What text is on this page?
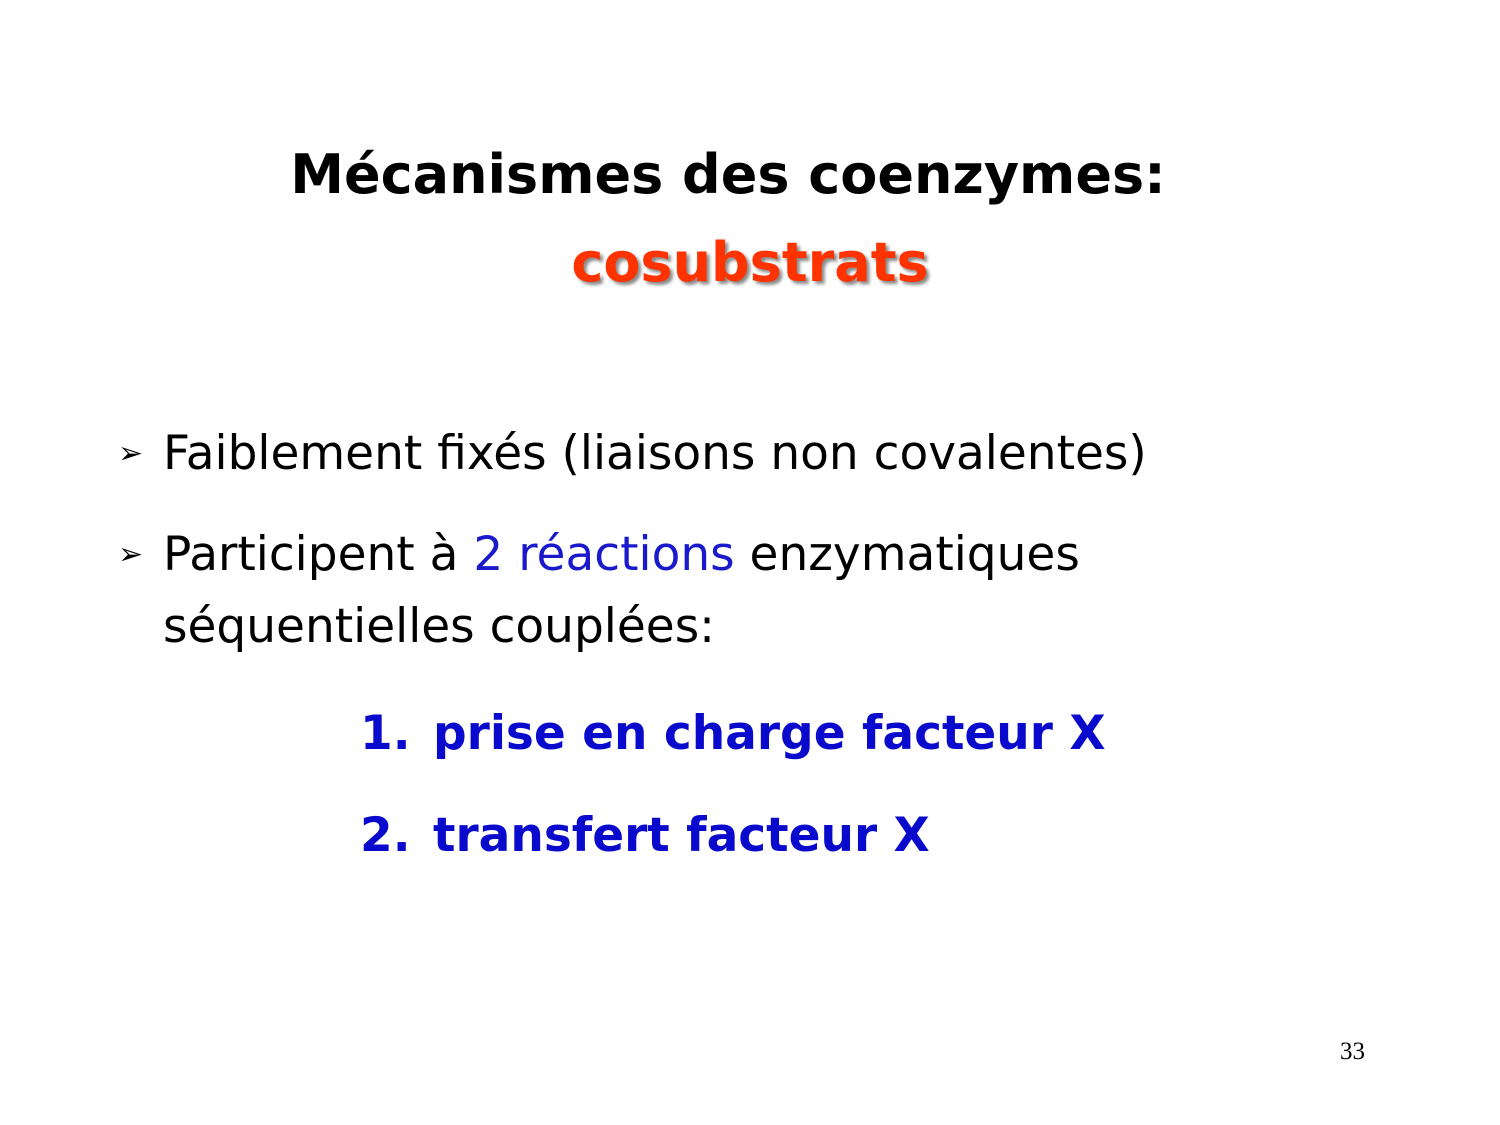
Mécanismes des coenzymes:
cosubstrats
➢ Faiblement fixés (liaisons non covalentes)
➢ Participent à 2 réactions enzymatiques
séquentielles couplées:
1. prise en charge facteur X
2. transfert facteur X
33
